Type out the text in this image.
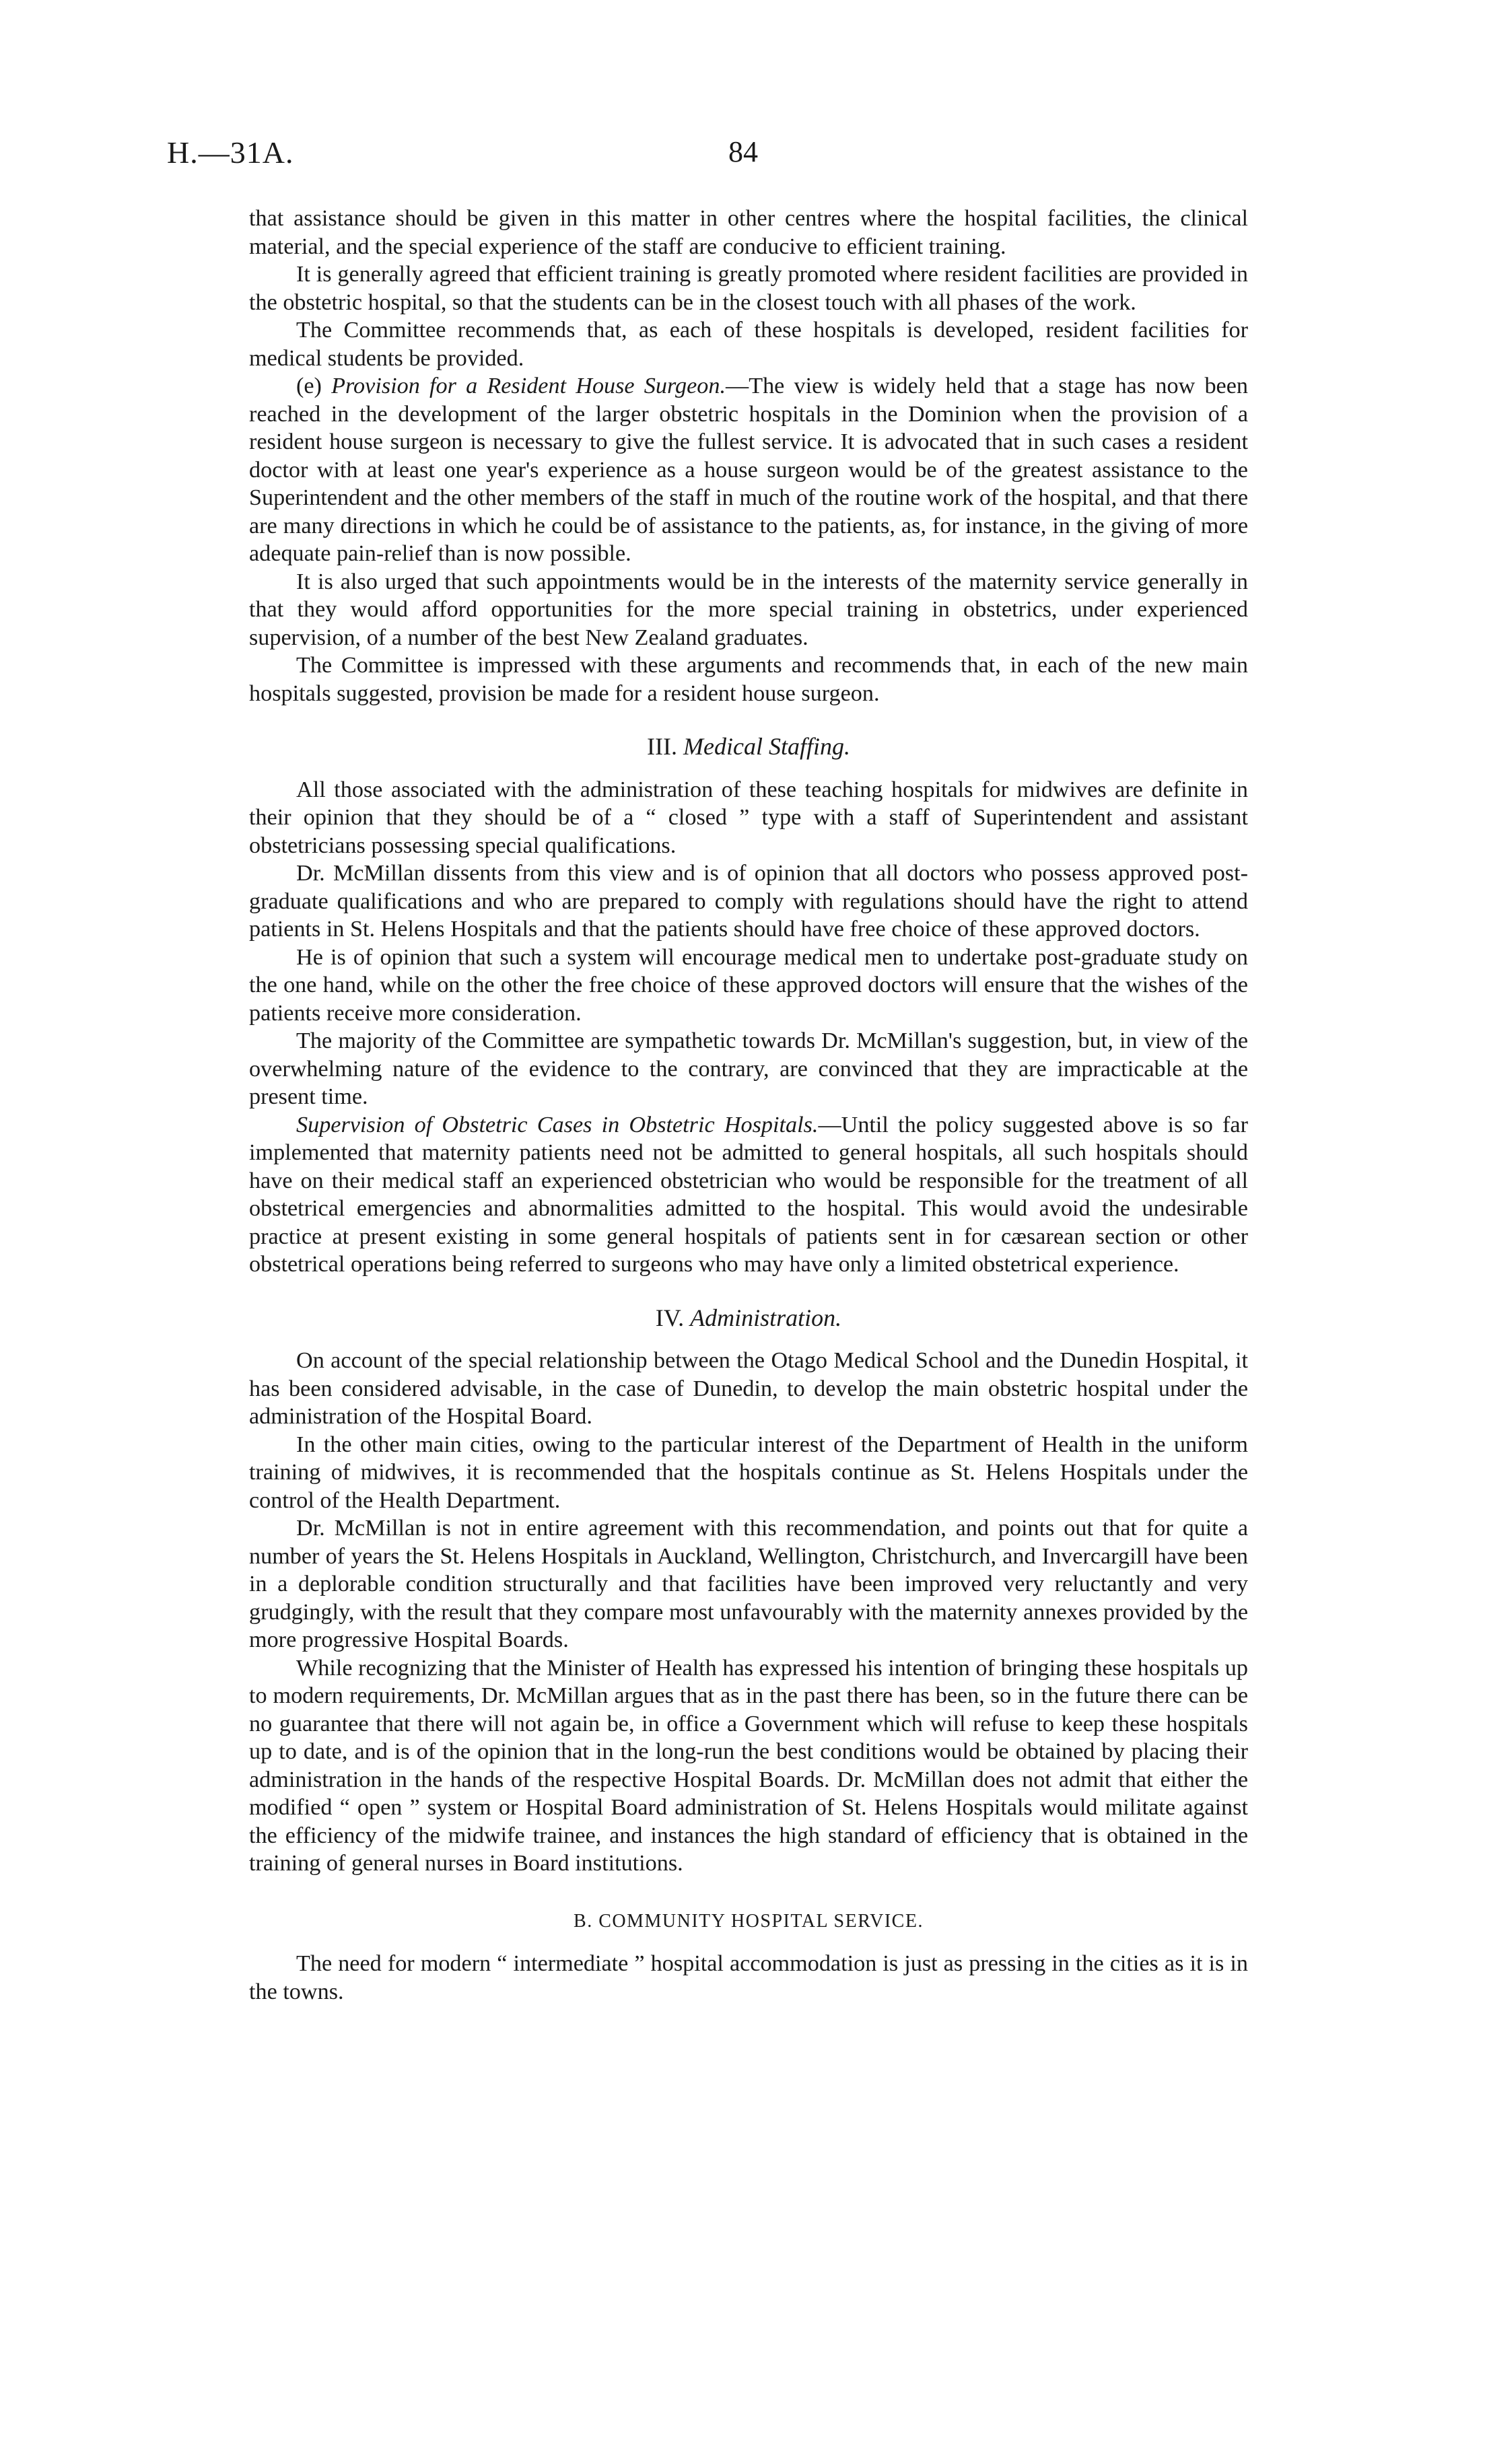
H.—31A.	84

that assistance should be given in this matter in other centres where the hospital facilities, the clinical material, and the special experience of the staff are conducive to efficient training.

It is generally agreed that efficient training is greatly promoted where resident facilities are provided in the obstetric hospital, so that the students can be in the closest touch with all phases of the work.

The Committee recommends that, as each of these hospitals is developed, resident facilities for medical students be provided.

(e) Provision for a Resident House Surgeon.—The view is widely held that a stage has now been reached in the development of the larger obstetric hospitals in the Dominion when the provision of a resident house surgeon is necessary to give the fullest service. It is advocated that in such cases a resident doctor with at least one year's experience as a house surgeon would be of the greatest assistance to the Superintendent and the other members of the staff in much of the routine work of the hospital, and that there are many directions in which he could be of assistance to the patients, as, for instance, in the giving of more adequate pain-relief than is now possible.

It is also urged that such appointments would be in the interests of the maternity service generally in that they would afford opportunities for the more special training in obstetrics, under experienced supervision, of a number of the best New Zealand graduates.

The Committee is impressed with these arguments and recommends that, in each of the new main hospitals suggested, provision be made for a resident house surgeon.

III. Medical Staffing.

All those associated with the administration of these teaching hospitals for midwives are definite in their opinion that they should be of a “ closed ” type with a staff of Superintendent and assistant obstetricians possessing special qualifications.

Dr. McMillan dissents from this view and is of opinion that all doctors who possess approved post-graduate qualifications and who are prepared to comply with regulations should have the right to attend patients in St. Helens Hospitals and that the patients should have free choice of these approved doctors.

He is of opinion that such a system will encourage medical men to undertake post-graduate study on the one hand, while on the other the free choice of these approved doctors will ensure that the wishes of the patients receive more consideration.

The majority of the Committee are sympathetic towards Dr. McMillan's suggestion, but, in view of the overwhelming nature of the evidence to the contrary, are convinced that they are impracticable at the present time.

Supervision of Obstetric Cases in Obstetric Hospitals.—Until the policy suggested above is so far implemented that maternity patients need not be admitted to general hospitals, all such hospitals should have on their medical staff an experienced obstetrician who would be responsible for the treatment of all obstetrical emergencies and abnormalities admitted to the hospital. This would avoid the undesirable practice at present existing in some general hospitals of patients sent in for cæsarean section or other obstetrical operations being referred to surgeons who may have only a limited obstetrical experience.

IV. Administration.

On account of the special relationship between the Otago Medical School and the Dunedin Hospital, it has been considered advisable, in the case of Dunedin, to develop the main obstetric hospital under the administration of the Hospital Board.

In the other main cities, owing to the particular interest of the Department of Health in the uniform training of midwives, it is recommended that the hospitals continue as St. Helens Hospitals under the control of the Health Department.

Dr. McMillan is not in entire agreement with this recommendation, and points out that for quite a number of years the St. Helens Hospitals in Auckland, Wellington, Christchurch, and Invercargill have been in a deplorable condition structurally and that facilities have been improved very reluctantly and very grudgingly, with the result that they compare most unfavourably with the maternity annexes provided by the more progressive Hospital Boards.

While recognizing that the Minister of Health has expressed his intention of bringing these hospitals up to modern requirements, Dr. McMillan argues that as in the past there has been, so in the future there can be no guarantee that there will not again be, in office a Government which will refuse to keep these hospitals up to date, and is of the opinion that in the long-run the best conditions would be obtained by placing their administration in the hands of the respective Hospital Boards. Dr. McMillan does not admit that either the modified “ open ” system or Hospital Board administration of St. Helens Hospitals would militate against the efficiency of the midwife trainee, and instances the high standard of efficiency that is obtained in the training of general nurses in Board institutions.

B. COMMUNITY HOSPITAL SERVICE.

The need for modern “ intermediate ” hospital accommodation is just as pressing in the cities as it is in the towns.
